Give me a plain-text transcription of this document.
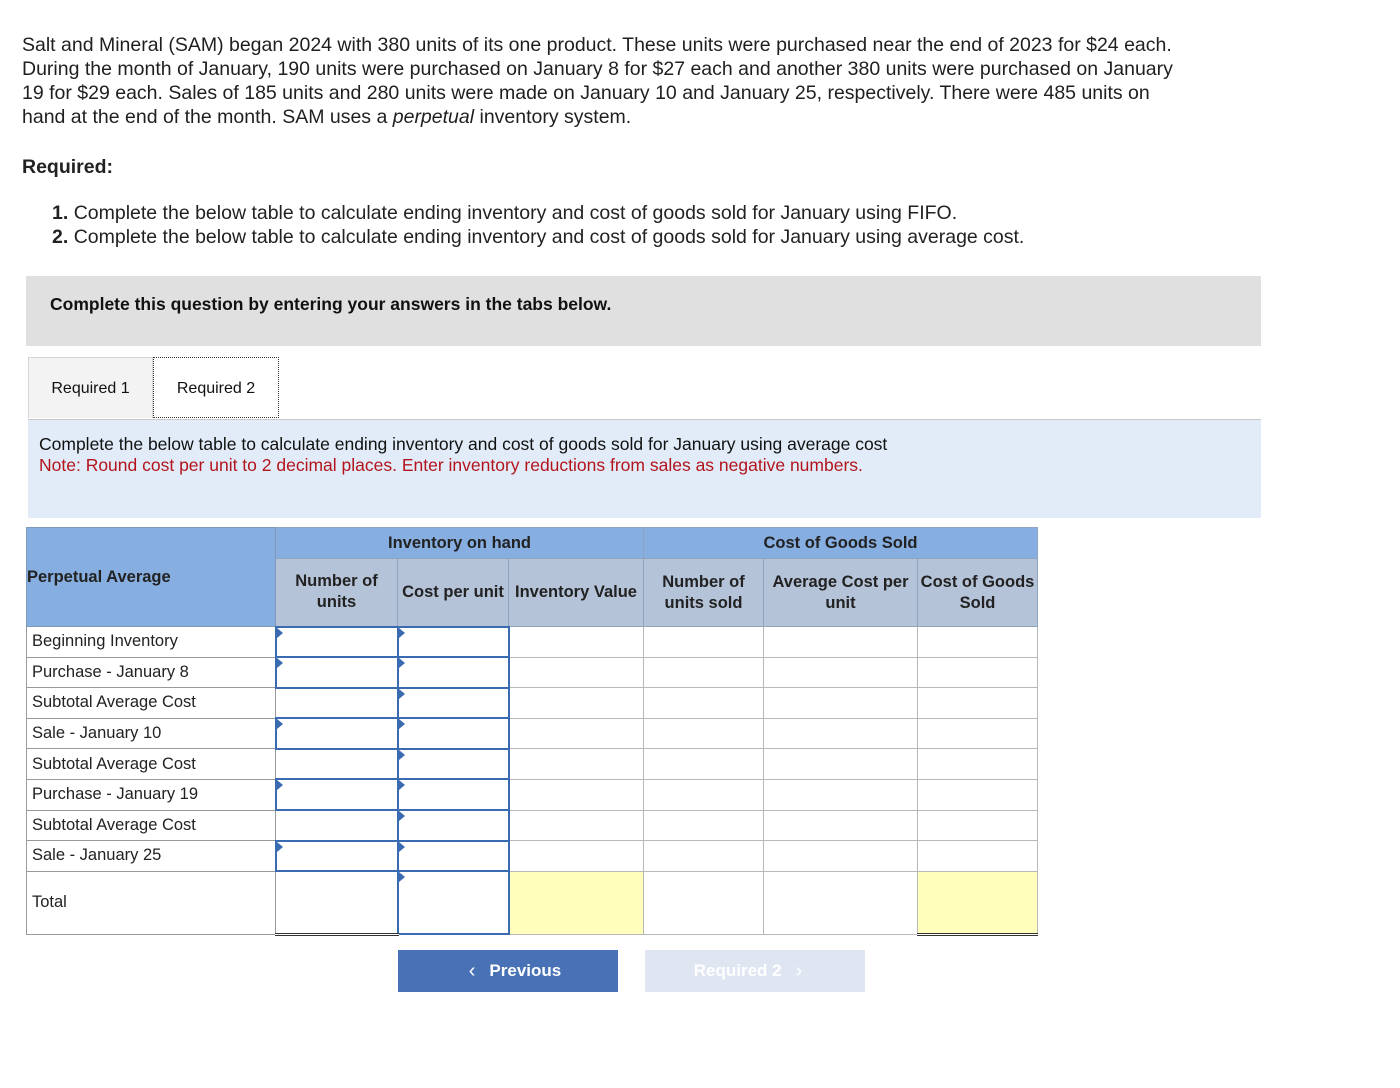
Salt and Mineral (SAM) began 2024 with 380 units of its one product. These units were purchased near the end of 2023 for $24 each.
During the month of January, 190 units were purchased on January 8 for $27 each and another 380 units were purchased on January
19 for $29 each. Sales of 185 units and 280 units were made on January 10 and January 25, respectively. There were 485 units on
hand at the end of the month. SAM uses a perpetual inventory system.
Required:
1. Complete the below table to calculate ending inventory and cost of goods sold for January using FIFO.
2. Complete the below table to calculate ending inventory and cost of goods sold for January using average cost.
Complete this question by entering your answers in the tabs below.
Required 1	Required 2
Complete the below table to calculate ending inventory and cost of goods sold for January using average cost
Note: Round cost per unit to 2 decimal places. Enter inventory reductions from sales as negative numbers.
Perpetual Average	Inventory on hand			Cost of Goods Sold		
	Number of units	Cost per unit	Inventory Value	Number of units sold	Average Cost per unit	Cost of Goods Sold
Beginning Inventory						
Purchase - January 8						
Subtotal Average Cost						
Sale - January 10						
Subtotal Average Cost						
Purchase - January 19						
Subtotal Average Cost						
Sale - January 25						
Total						
‹ Previous	Required 2 ›
